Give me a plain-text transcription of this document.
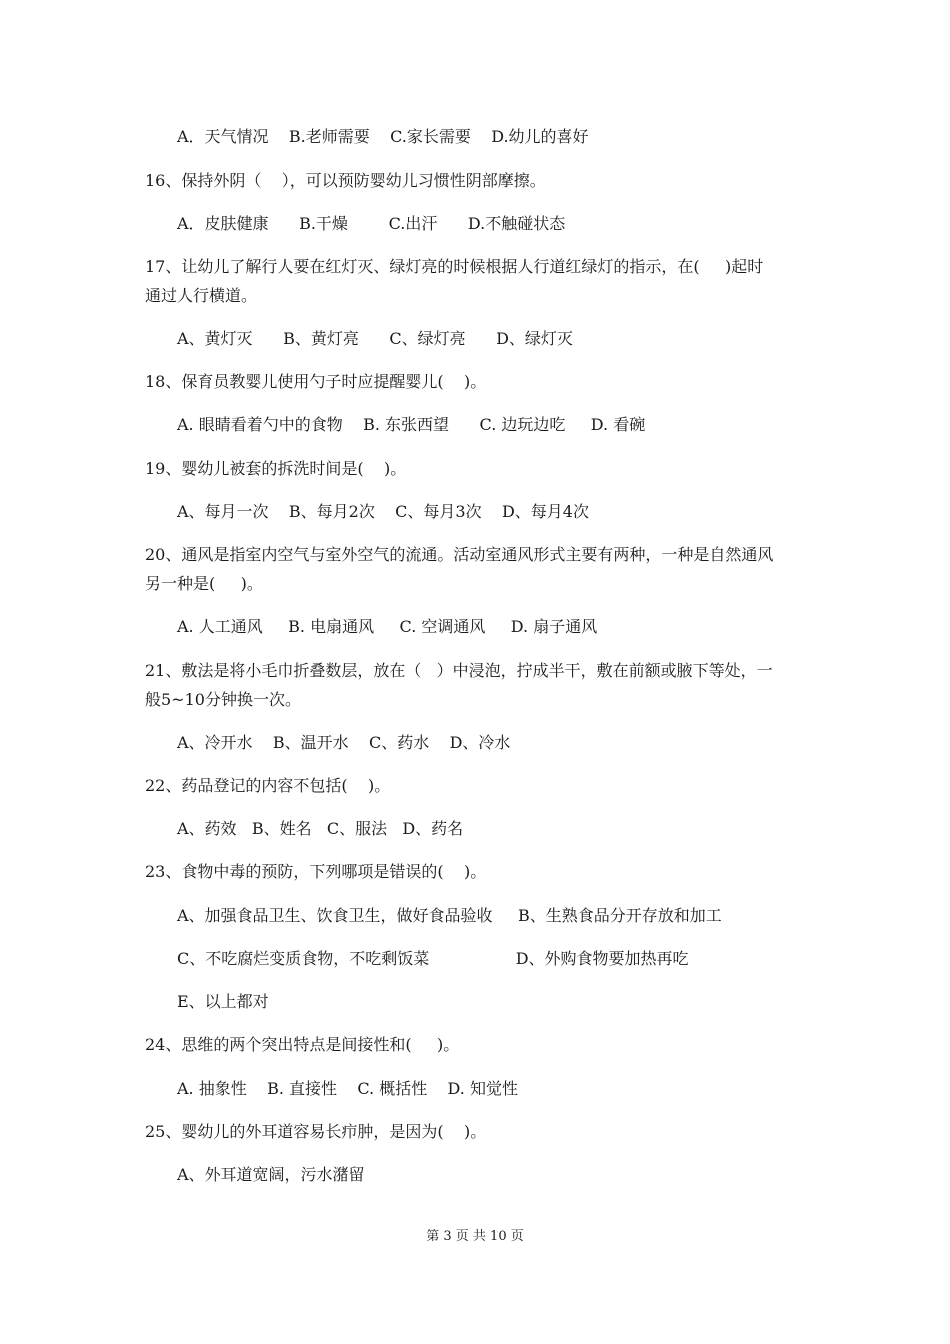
A．天气情况    B.老师需要    C.家长需要    D.幼儿的喜好
16、保持外阴（    ），可以预防婴幼儿习惯性阴部摩擦。
A．皮肤健康      B.干燥        C.出汗      D.不触碰状态
17、让幼儿了解行人要在红灯灭、绿灯亮的时候根据人行道红绿灯的指示，在(     )起时
通过人行横道。
A、黄灯灭      B、黄灯亮      C、绿灯亮      D、绿灯灭
18、保育员教婴儿使用勺子时应提醒婴儿(    )。
A. 眼睛看着勺中的食物    B. 东张西望      C. 边玩边吃     D. 看碗
19、婴幼儿被套的拆洗时间是(    )。
A、每月一次    B、每月2次    C、每月3次    D、每月4次
20、通风是指室内空气与室外空气的流通。活动室通风形式主要有两种，一种是自然通风
另一种是(     )。
A. 人工通风     B. 电扇通风     C. 空调通风     D. 扇子通风
21、敷法是将小毛巾折叠数层，放在（   ）中浸泡，拧成半干，敷在前额或腋下等处，一
般5~10分钟换一次。
A、冷开水    B、温开水    C、药水    D、冷水
22、药品登记的内容不包括(    )。
A、药效   B、姓名   C、服法   D、药名
23、食物中毒的预防，下列哪项是错误的(    )。
A、加强食品卫生、饮食卫生，做好食品验收     B、生熟食品分开存放和加工
C、不吃腐烂变质食物，不吃剩饭菜                 D、外购食物要加热再吃
E、以上都对
24、思维的两个突出特点是间接性和(     )。
A. 抽象性    B. 直接性    C. 概括性    D. 知觉性
25、婴幼儿的外耳道容易长疖肿，是因为(    )。
A、外耳道宽阔，污水潴留
第 3 页 共 10 页
